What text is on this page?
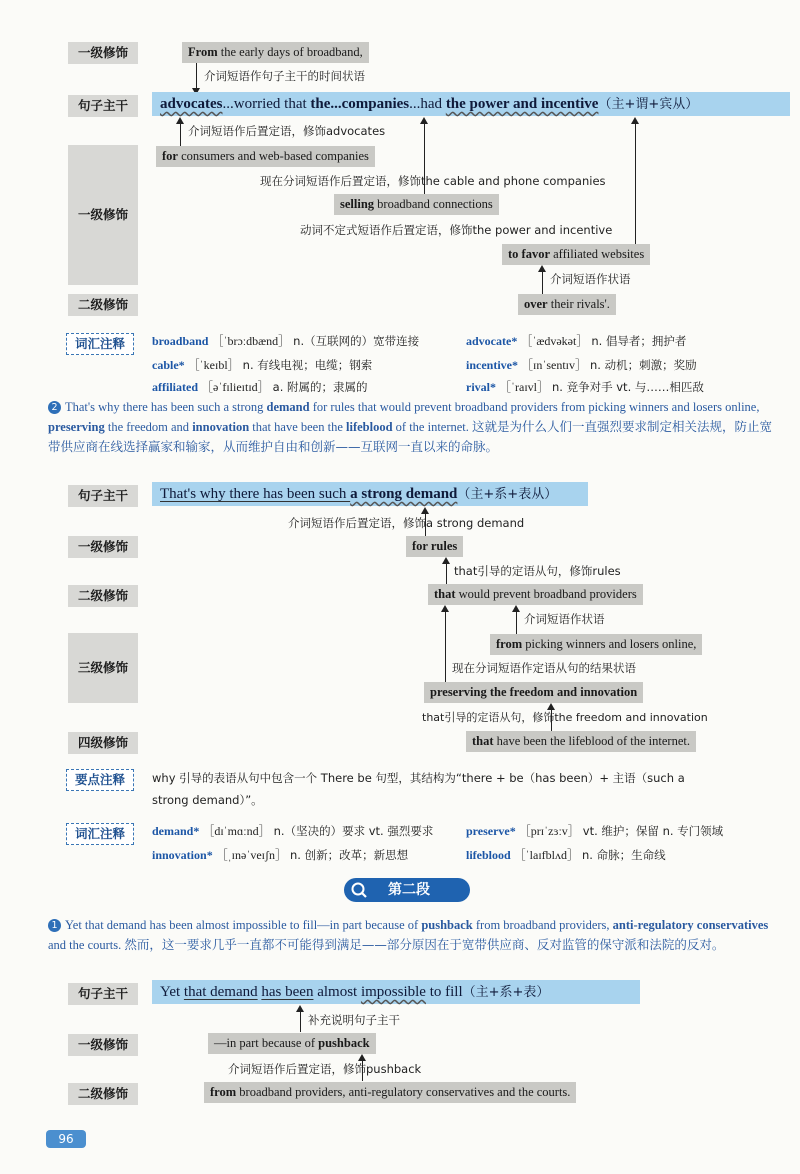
一级修饰	From the early days of broadband,
介词短语作句子主干的时间状语
句子主干	advocates...worried that the...companies...had the power and incentive（主+谓+宾从）
介词短语作后置定语，修饰advocates
一级修饰
for consumers and web-based companies
现在分词短语作后置定语，修饰the cable and phone companies
selling broadband connections
动词不定式短语作后置定语，修饰the power and incentive
to favor affiliated websites
介词短语作状语
二级修饰	over their rivals'.
词汇注释	broadband ［ˈbrɔːdbænd］ n.（互联网的）宽带连接	advocate* ［ˈædvəkət］ n. 倡导者；拥护者
cable* ［ˈkeɪbl］ n. 有线电视；电缆；钢索	incentive* ［ɪnˈsentɪv］ n. 动机；刺激；奖励
affiliated ［əˈfɪlieɪtɪd］ a. 附属的；隶属的	rival* ［ˈraɪvl］ n. 竞争对手 vt. 与……相匹敌
2 That's why there has been such a strong demand for rules that would prevent broadband providers from picking winners and losers online, preserving the freedom and innovation that have been the lifeblood of the internet. 这就是为什么人们一直强烈要求制定相关法规，防止宽带供应商在线选择赢家和输家，从而维护自由和创新——互联网一直以来的命脉。
句子主干	That's why there has been such a strong demand（主+系+表从）
介词短语作后置定语，修饰a strong demand
一级修饰	for rules
that引导的定语从句，修饰rules
二级修饰	that would prevent broadband providers
介词短语作状语
三级修饰
from picking winners and losers online,
现在分词短语作定语从句的结果状语
preserving the freedom and innovation
that引导的定语从句，修饰the freedom and innovation
四级修饰	that have been the lifeblood of the internet.
要点注释	why 引导的表语从句中包含一个 There be 句型，其结构为“there + be（has been）+ 主语（such a
strong demand）”。
词汇注释	demand* ［dɪˈmɑːnd］ n.（坚决的）要求 vt. 强烈要求	preserve* ［prɪˈzɜːv］ vt. 维护；保留 n. 专门领域
innovation* ［ˌɪnəˈveɪʃn］ n. 创新；改革；新思想	lifeblood ［ˈlaɪfblʌd］ n. 命脉；生命线
第二段
1 Yet that demand has been almost impossible to fill—in part because of pushback from broadband providers, anti-regulatory conservatives and the courts. 然而，这一要求几乎一直都不可能得到满足——部分原因在于宽带供应商、反对监管的保守派和法院的反对。
句子主干	Yet that demand has been almost impossible to fill（主+系+表）
补充说明句子主干
一级修饰	—in part because of pushback
介词短语作后置定语，修饰pushback
二级修饰	from broadband providers, anti-regulatory conservatives and the courts.
96
